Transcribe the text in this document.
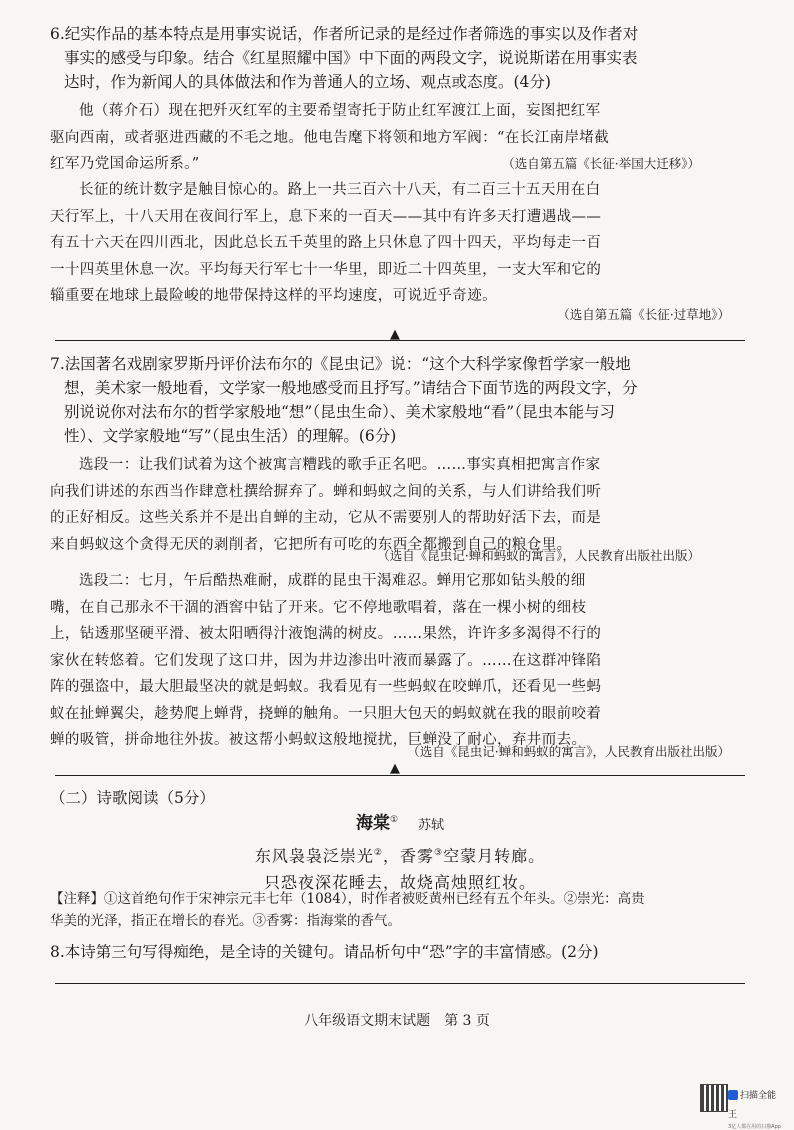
6.纪实作品的基本特点是用事实说话，作者所记录的是经过作者筛选的事实以及作者对

事实的感受与印象。结合《红星照耀中国》中下面的两段文字，说说斯诺在用事实表

达时，作为新闻人的具体做法和作为普通人的立场、观点或态度。(4分)

他（蒋介石）现在把歼灭红军的主要希望寄托于防止红军渡江上面，妄图把红军

驱向西南，或者驱进西藏的不毛之地。他电告麾下将领和地方军阀：“在长江南岸堵截

红军乃党国命运所系。”	（选自第五篇《长征·举国大迁移》）

长征的统计数字是触目惊心的。路上一共三百六十八天，有二百三十五天用在白

天行军上，十八天用在夜间行军上，息下来的一百天——其中有许多天打遭遇战——

有五十六天在四川西北，因此总长五千英里的路上只休息了四十四天，平均每走一百

一十四英里休息一次。平均每天行军七十一华里，即近二十四英里，一支大军和它的

辎重要在地球上最险峻的地带保持这样的平均速度，可说近乎奇迹。

（选自第五篇《长征·过草地》）

▲

7.法国著名戏剧家罗斯丹评价法布尔的《昆虫记》说：“这个大科学家像哲学家一般地

想，美术家一般地看，文学家一般地感受而且抒写。”请结合下面节选的两段文字，分

别说说你对法布尔的哲学家般地“想”（昆虫生命）、美术家般地“看”（昆虫本能与习

性）、文学家般地“写”（昆虫生活）的理解。(6分)

选段一：让我们试着为这个被寓言糟践的歌手正名吧。……事实真相把寓言作家

向我们讲述的东西当作肆意杜撰给摒弃了。蝉和蚂蚁之间的关系，与人们讲给我们听

的正好相反。这些关系并不是出自蝉的主动，它从不需要别人的帮助好活下去，而是

来自蚂蚁这个贪得无厌的剥削者，它把所有可吃的东西全都搬到自己的粮仓里。

（选自《昆虫记·蝉和蚂蚁的寓言》，人民教育出版社出版）

选段二：七月，午后酷热难耐，成群的昆虫干渴难忍。蝉用它那如钻头般的细

嘴，在自己那永不干涸的酒窖中钻了开来。它不停地歌唱着，落在一棵小树的细枝

上，钻透那坚硬平滑、被太阳晒得汁液饱满的树皮。……果然，许许多多渴得不行的

家伙在转悠着。它们发现了这口井，因为井边渗出叶液而暴露了。……在这群冲锋陷

阵的强盗中，最大胆最坚决的就是蚂蚁。我看见有一些蚂蚁在咬蝉爪，还看见一些蚂

蚁在扯蝉翼尖，趁势爬上蝉背，挠蝉的触角。一只胆大包天的蚂蚁就在我的眼前咬着

蝉的吸管，拼命地往外拔。被这帮小蚂蚁这般地搅扰，巨蝉没了耐心，弃井而去。

（选自《昆虫记·蝉和蚂蚁的寓言》，人民教育出版社出版）

▲

（二）诗歌阅读（5分）

海棠① 苏轼

东风袅袅泛崇光②，香雾③空蒙月转廊。

只恐夜深花睡去，故烧高烛照红妆。

【注释】①这首绝句作于宋神宗元丰七年（1084），时作者被贬黄州已经有五个年头。②崇光：高贵

华美的光泽，指正在增长的春光。③香雾：指海棠的香气。

8.本诗第三句写得痴绝，是全诗的关键句。请品析句中“恐”字的丰富情感。(2分)

八年级语文期末试题　第 3 页
扫描全能王
3亿人都在用的扫描App
